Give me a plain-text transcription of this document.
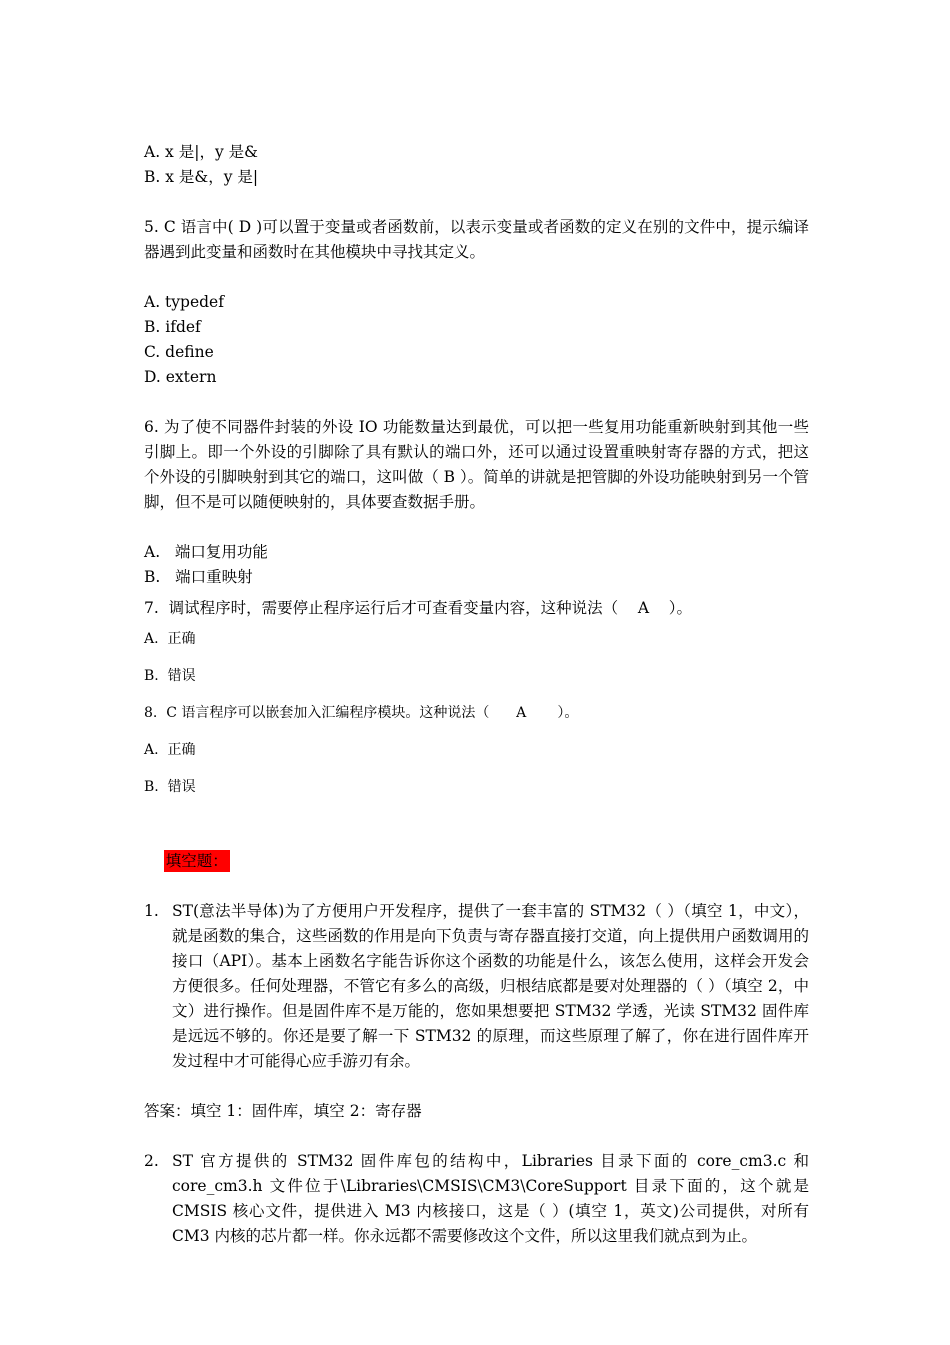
A. x 是|，y 是&
B. x 是&，y 是|
5. C 语言中( D )可以置于变量或者函数前，以表示变量或者函数的定义在别的文件中，提示编译器遇到此变量和函数时在其他模块中寻找其定义。
A. typedef
B. ifdef
C. define
D. extern
6. 为了使不同器件封装的外设 IO 功能数量达到最优，可以把一些复用功能重新映射到其他一些引脚上。即一个外设的引脚除了具有默认的端口外，还可以通过设置重映射寄存器的方式，把这个外设的引脚映射到其它的端口，这叫做（ B ）。简单的讲就是把管脚的外设功能映射到另一个管脚，但不是可以随便映射的，具体要查数据手册。
A.   端口复用功能
B.   端口重映射
7.  调试程序时，需要停止程序运行后才可查看变量内容，这种说法（    A    ）。
A.  正确
B.  错误
8.  C 语言程序可以嵌套加入汇编程序模块。这种说法（      A       ）。
A.  正确
B.  错误

填空题：

1. ST(意法半导体)为了方便用户开发程序，提供了一套丰富的 STM32（ ）（填空 1，中文），就是函数的集合，这些函数的作用是向下负责与寄存器直接打交道，向上提供用户函数调用的接口（API）。基本上函数名字能告诉你这个函数的功能是什么，该怎么使用，这样会开发会方便很多。任何处理器，不管它有多么的高级，归根结底都是要对处理器的（ ）（填空 2，中文）进行操作。但是固件库不是万能的，您如果想要把 STM32 学透，光读 STM32 固件库是远远不够的。你还是要了解一下 STM32 的原理，而这些原理了解了，你在进行固件库开发过程中才可能得心应手游刃有余。
答案：填空 1：固件库，填空 2：寄存器
2. ST 官方提供的 STM32 固件库包的结构中，Libraries 目录下面的 core_cm3.c 和 core_cm3.h 文件位于\Libraries\CMSIS\CM3\CoreSupport 目录下面的，这个就是 CMSIS 核心文件，提供进入 M3 内核接口，这是（ ）(填空 1，英文)公司提供，对所有 CM3 内核的芯片都一样。你永远都不需要修改这个文件，所以这里我们就点到为止。
